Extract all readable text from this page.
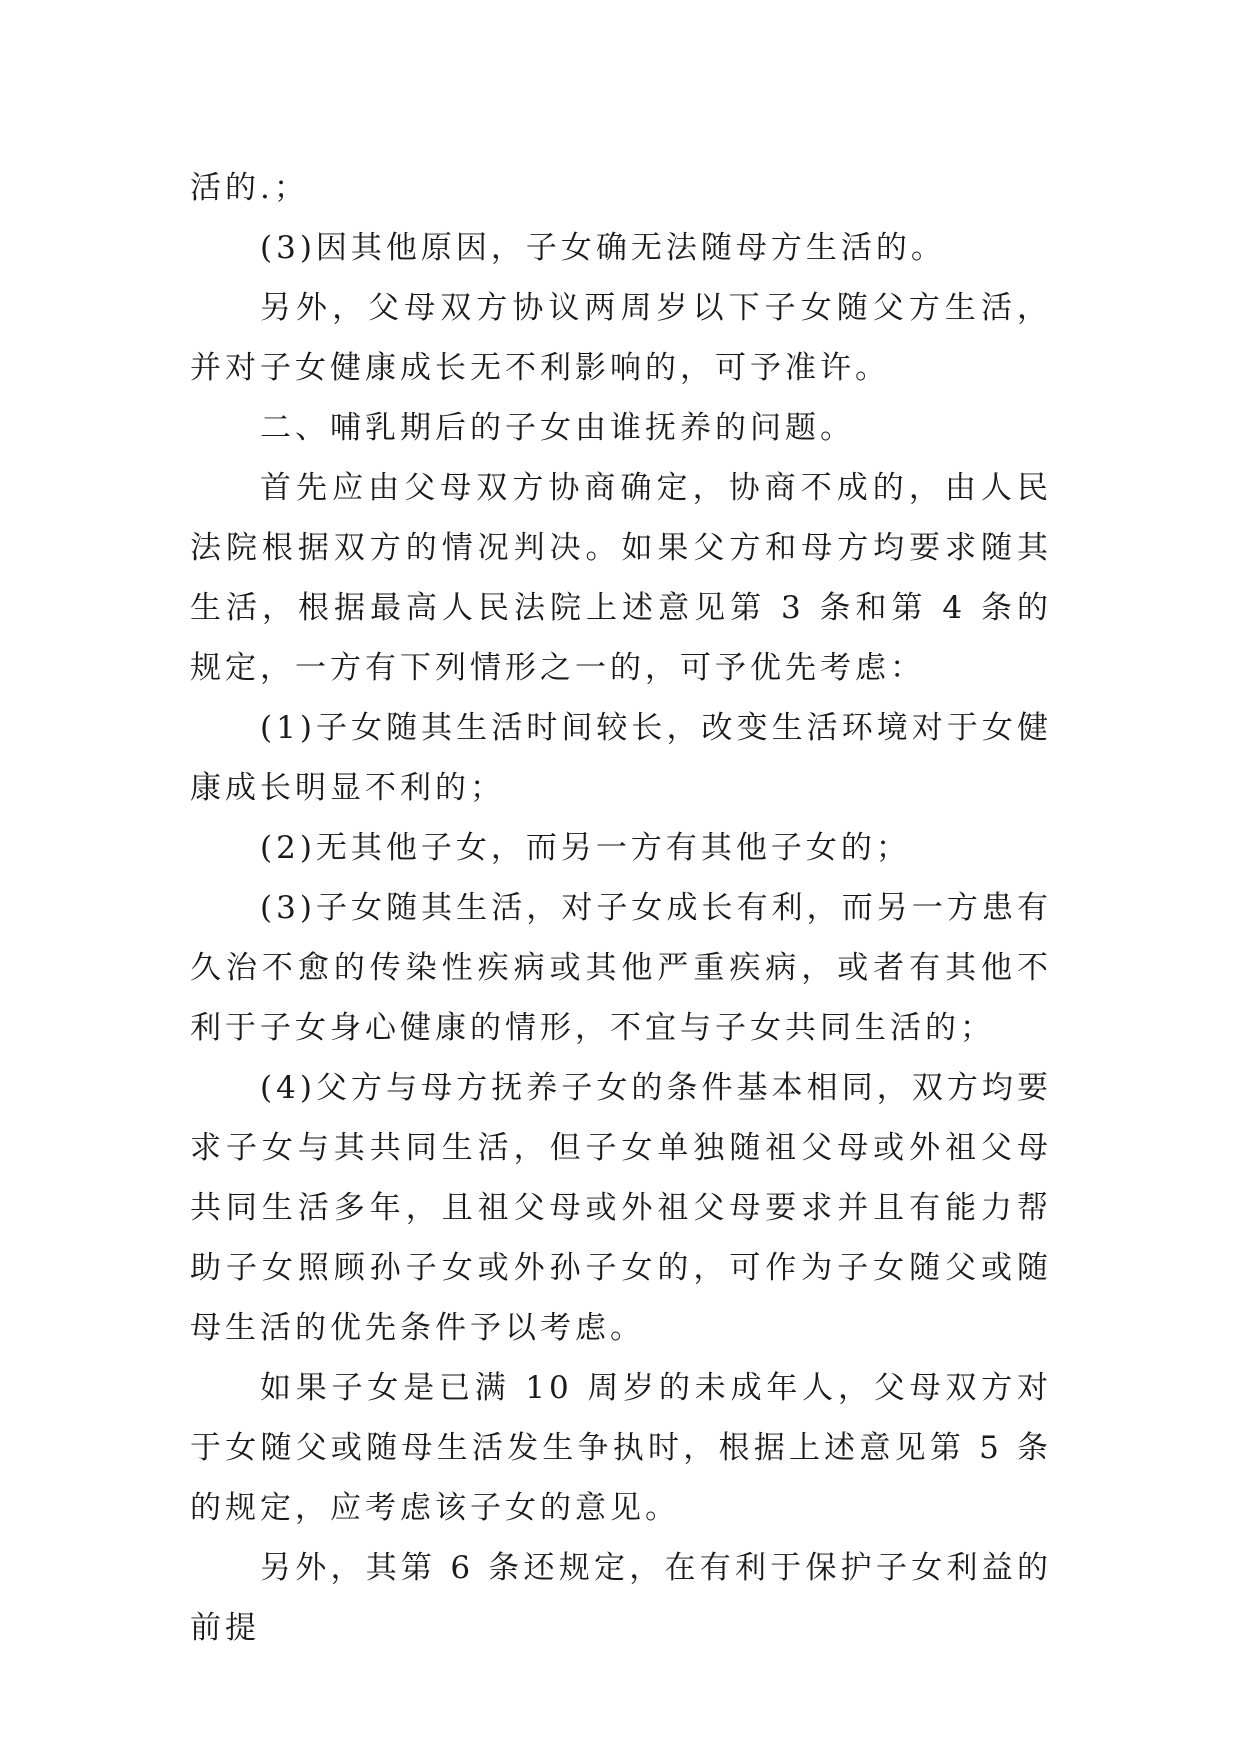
活的.；

(3)因其他原因，子女确无法随母方生活的。

另外，父母双方协议两周岁以下子女随父方生活，并对子女健康成长无不利影响的，可予准许。

二、哺乳期后的子女由谁抚养的问题。

首先应由父母双方协商确定，协商不成的，由人民法院根据双方的情况判决。如果父方和母方均要求随其生活，根据最高人民法院上述意见第 3 条和第 4 条的规定，一方有下列情形之一的，可予优先考虑：

(1)子女随其生活时间较长，改变生活环境对于女健康成长明显不利的；

(2)无其他子女，而另一方有其他子女的；

(3)子女随其生活，对子女成长有利，而另一方患有久治不愈的传染性疾病或其他严重疾病，或者有其他不利于子女身心健康的情形，不宜与子女共同生活的；

(4)父方与母方抚养子女的条件基本相同，双方均要求子女与其共同生活，但子女单独随祖父母或外祖父母共同生活多年，且祖父母或外祖父母要求并且有能力帮助子女照顾孙子女或外孙子女的，可作为子女随父或随母生活的优先条件予以考虑。

如果子女是已满 10 周岁的未成年人，父母双方对于女随父或随母生活发生争执时，根据上述意见第 5 条的规定，应考虑该子女的意见。

另外，其第 6 条还规定，在有利于保护子女利益的前提
